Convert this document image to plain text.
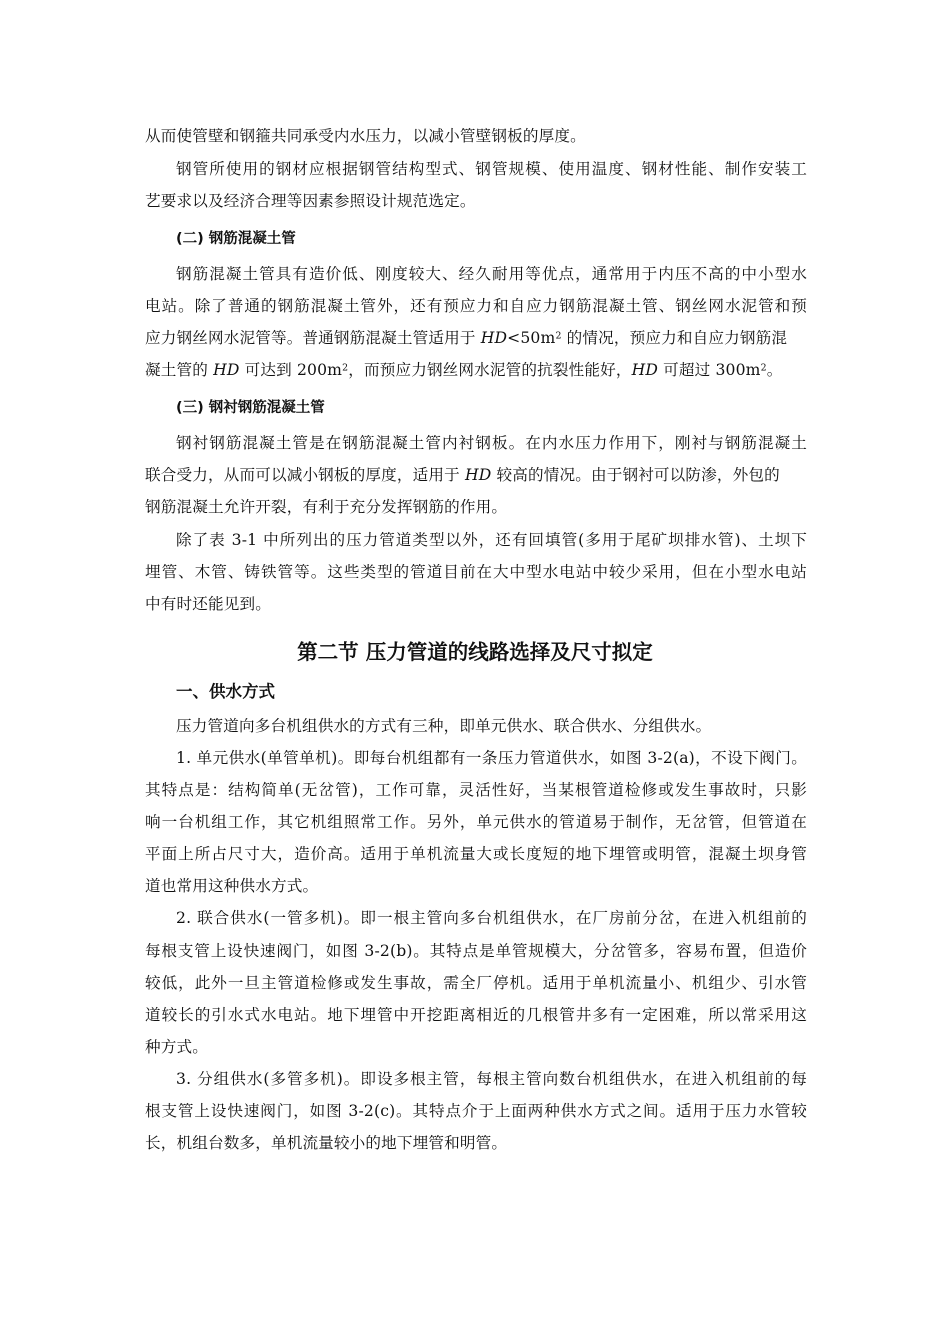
从而使管壁和钢箍共同承受内水压力，以减小管壁钢板的厚度。
钢管所使用的钢材应根据钢管结构型式、钢管规模、使用温度、钢材性能、制作安装工
艺要求以及经济合理等因素参照设计规范选定。
(二) 钢筋混凝土管
钢筋混凝土管具有造价低、刚度较大、经久耐用等优点，通常用于内压不高的中小型水
电站。除了普通的钢筋混凝土管外，还有预应力和自应力钢筋混凝土管、钢丝网水泥管和预
应力钢丝网水泥管等。普通钢筋混凝土管适用于 $HD<50m^2$ 的情况，预应力和自应力钢筋混
凝土管的 HD 可达到 $200m^2$，而预应力钢丝网水泥管的抗裂性能好，HD 可超过 $300m^2$。
(三) 钢衬钢筋混凝土管
钢衬钢筋混凝土管是在钢筋混凝土管内衬钢板。在内水压力作用下，刚衬与钢筋混凝土
联合受力，从而可以减小钢板的厚度，适用于 HD 较高的情况。由于钢衬可以防渗，外包的
钢筋混凝土允许开裂，有利于充分发挥钢筋的作用。
除了表 3-1 中所列出的压力管道类型以外，还有回填管(多用于尾矿坝排水管)、土坝下
埋管、木管、铸铁管等。这些类型的管道目前在大中型水电站中较少采用，但在小型水电站
中有时还能见到。
第二节 压力管道的线路选择及尺寸拟定
一、供水方式
压力管道向多台机组供水的方式有三种，即单元供水、联合供水、分组供水。
1. 单元供水(单管单机)。即每台机组都有一条压力管道供水，如图 3-2(a)，不设下阀门。
其特点是：结构简单(无岔管)，工作可靠，灵活性好，当某根管道检修或发生事故时，只影
响一台机组工作，其它机组照常工作。另外，单元供水的管道易于制作，无岔管，但管道在
平面上所占尺寸大，造价高。适用于单机流量大或长度短的地下埋管或明管，混凝土坝身管
道也常用这种供水方式。
2. 联合供水(一管多机)。即一根主管向多台机组供水，在厂房前分岔，在进入机组前的
每根支管上设快速阀门，如图 3-2(b)。其特点是单管规模大，分岔管多，容易布置，但造价
较低，此外一旦主管道检修或发生事故，需全厂停机。适用于单机流量小、机组少、引水管
道较长的引水式水电站。地下埋管中开挖距离相近的几根管井多有一定困难，所以常采用这
种方式。
3. 分组供水(多管多机)。即设多根主管，每根主管向数台机组供水，在进入机组前的每
根支管上设快速阀门，如图 3-2(c)。其特点介于上面两种供水方式之间。适用于压力水管较
长，机组台数多，单机流量较小的地下埋管和明管。
